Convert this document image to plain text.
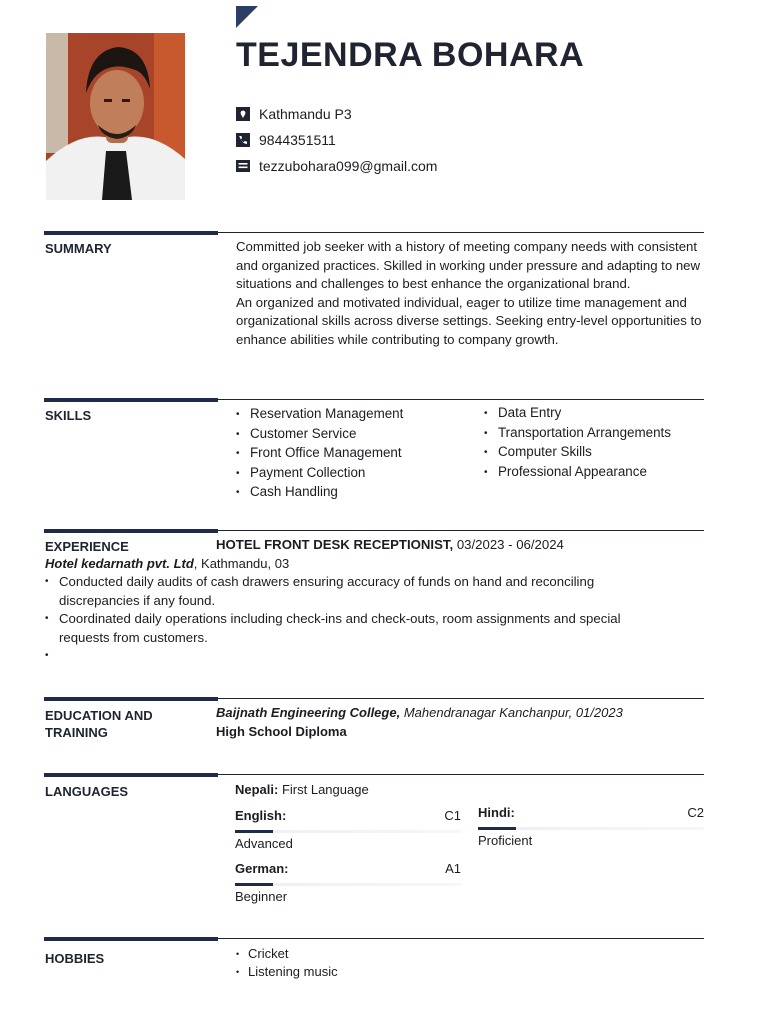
TEJENDRA BOHARA
Kathmandu P3
9844351511
tezzubohara099@gmail.com
SUMMARY	Committed job seeker with a history of meeting company needs with consistent and organized practices. Skilled in working under pressure and adapting to new situations and challenges to best enhance the organizational brand.
An organized and motivated individual, eager to utilize time management and organizational skills across diverse settings. Seeking entry-level opportunities to enhance abilities while contributing to company growth.

SKILLS	• Reservation Management
• Customer Service
• Front Office Management
• Payment Collection
• Cash Handling
• Data Entry
• Transportation Arrangements
• Computer Skills
• Professional Appearance
EXPERIENCE	HOTEL FRONT DESK RECEPTIONIST, 03/2023 - 06/2024
Hotel kedarnath pvt. Ltd, Kathmandu, 03
• Conducted daily audits of cash drawers ensuring accuracy of funds on hand and reconciling discrepancies if any found.
• Coordinated daily operations including check-ins and check-outs, room assignments and special requests from customers.
•
EDUCATION AND TRAINING
Baijnath Engineering College, Mahendranagar Kanchanpur, 01/2023
High School Diploma
LANGUAGES	Nepali: First Language
English:	C1
Advanced
Hindi:	C2
Proficient
German:	A1
Beginner
HOBBIES	• Cricket
• Listening music
